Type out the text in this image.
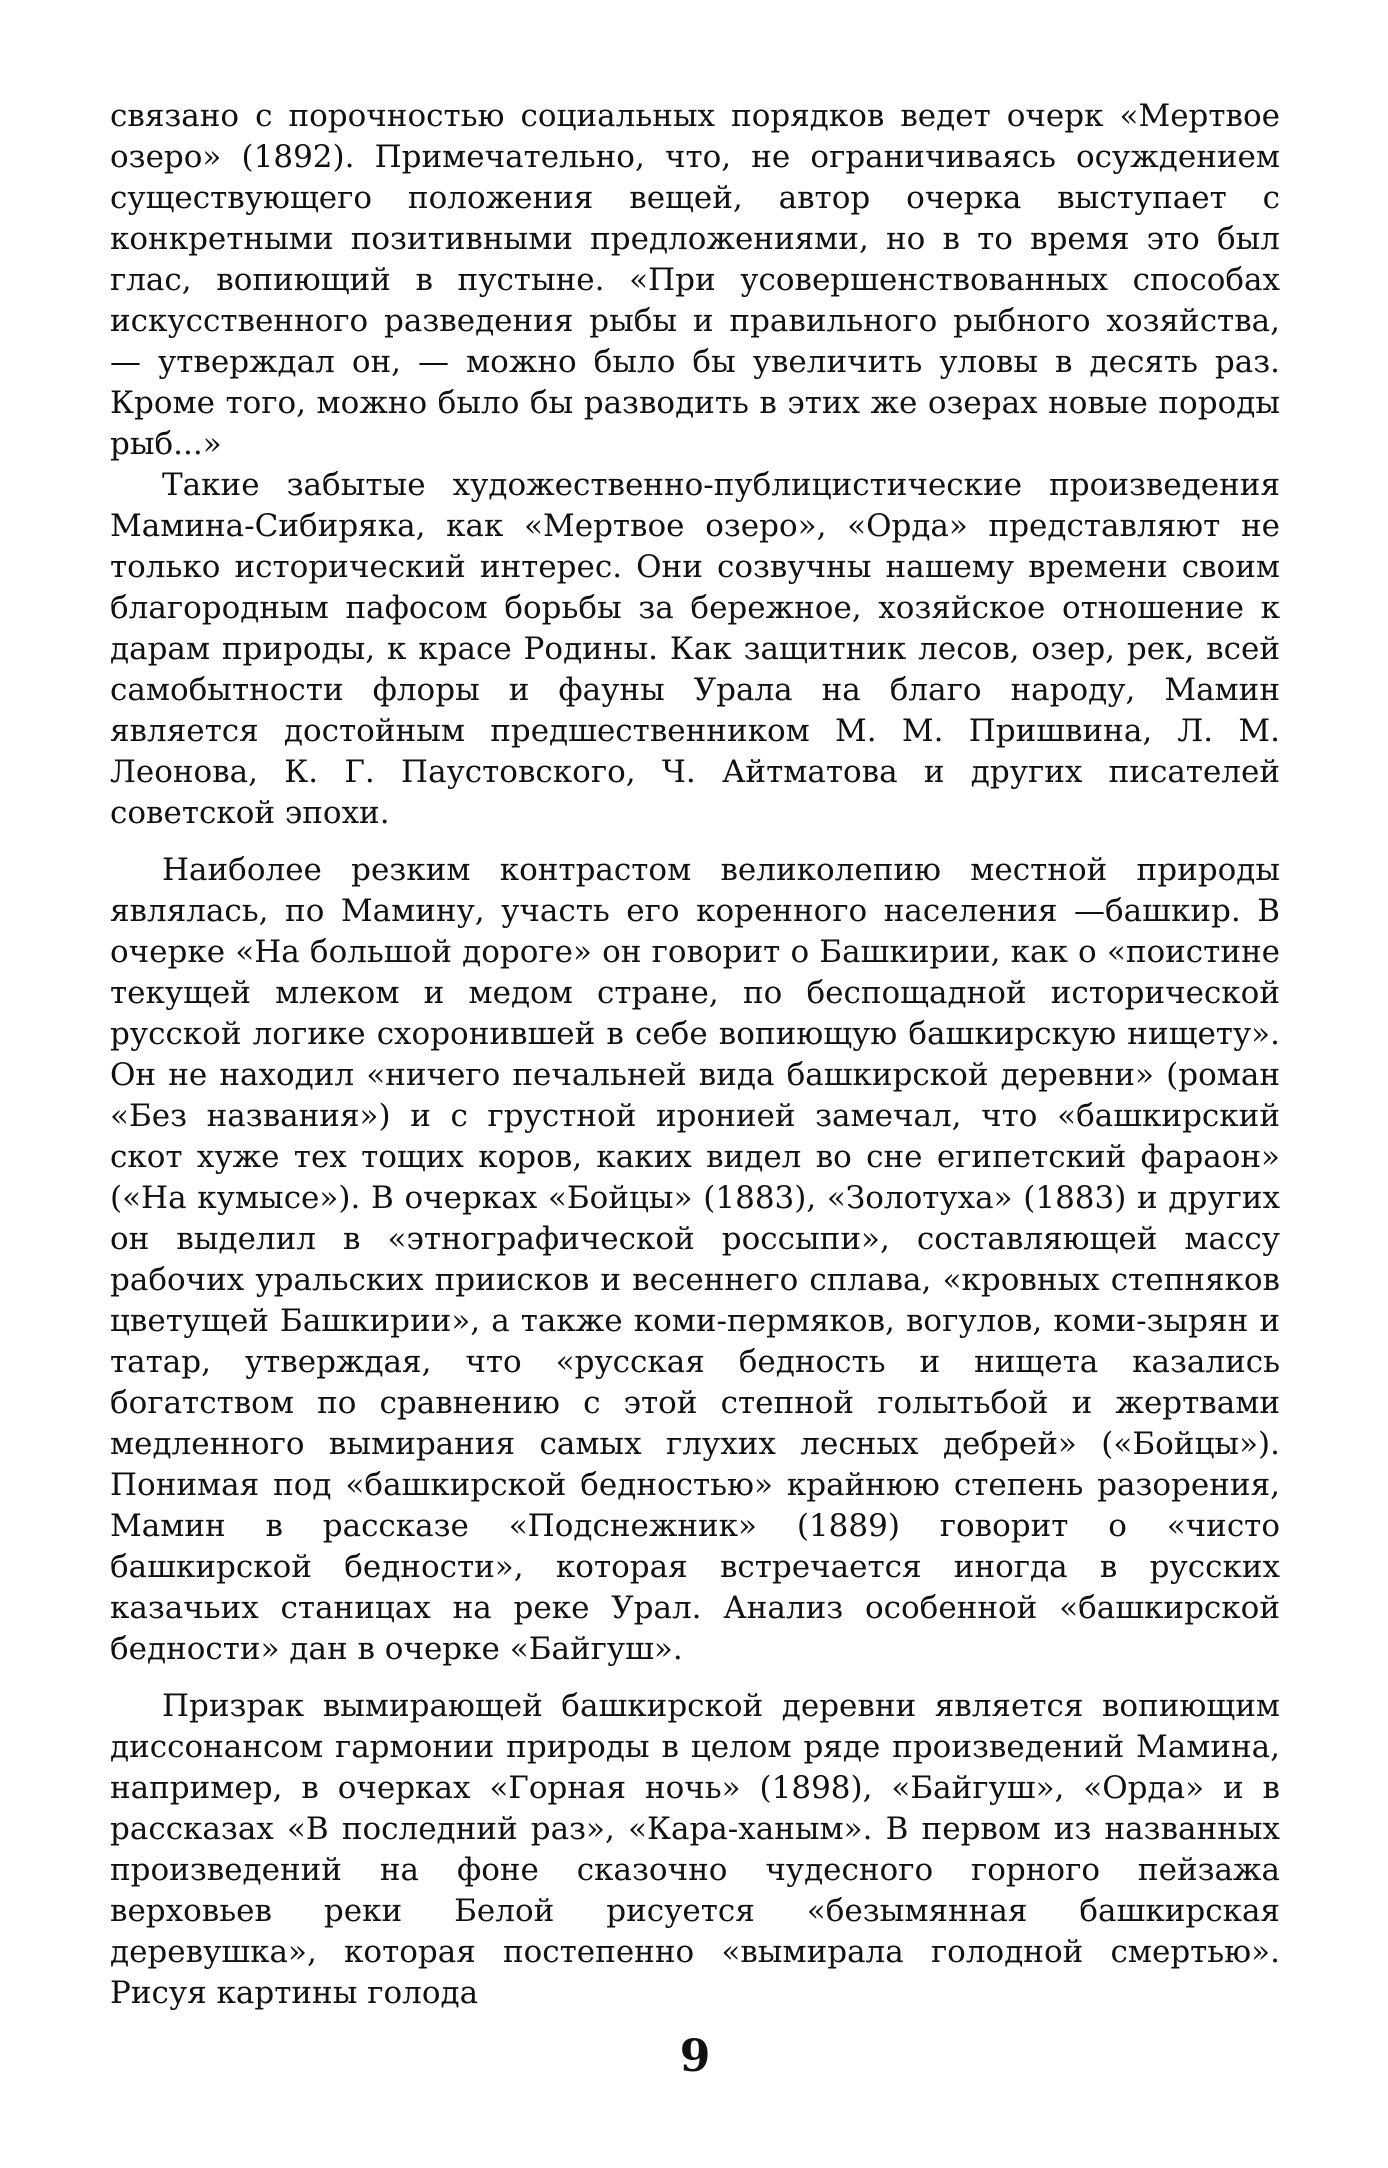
связано с порочностью социальных порядков ведет очерк «Мертвое озеро» (1892). Примечательно, что, не ограничиваясь осуждением существующего положения вещей, автор очерка выступает с конкретными позитивными предложениями, но в то время это был глас, вопиющий в пустыне. «При усовершенствованных способах искусственного разведения рыбы и правильного рыбного хозяйства, — утверждал он, — можно было бы увеличить уловы в десять раз. Кроме того, можно было бы разводить в этих же озерах новые породы рыб...»

Такие забытые художественно-публицистические произведения Мамина-Сибиряка, как «Мертвое озеро», «Орда» представляют не только исторический интерес. Они созвучны нашему времени своим благородным пафосом борьбы за бережное, хозяйское отношение к дарам природы, к красе Родины. Как защитник лесов, озер, рек, всей самобытности флоры и фауны Урала на благо народу, Мамин является достойным предшественником М. М. Пришвина, Л. М. Леонова, К. Г. Паустовского, Ч. Айтматова и других писателей советской эпохи.

Наиболее резким контрастом великолепию местной природы являлась, по Мамину, участь его коренного населения —башкир. В очерке «На большой дороге» он говорит о Башкирии, как о «поистине текущей млеком и медом стране, по беспощадной исторической русской логике схоронившей в себе вопиющую башкирскую нищету». Он не находил «ничего печальней вида башкирской деревни» (роман «Без названия») и с грустной иронией замечал, что «башкирский скот хуже тех тощих коров, каких видел во сне египетский фараон» («На кумысе»). В очерках «Бойцы» (1883), «Золотуха» (1883) и других он выделил в «этнографической россыпи», составляющей массу рабочих уральских приисков и весеннего сплава, «кровных степняков цветущей Башкирии», а также коми-пермяков, вогулов, коми-зырян и татар, утверждая, что «русская бедность и нищета казались богатством по сравнению с этой степной голытьбой и жертвами медленного вымирания самых глухих лесных дебрей» («Бойцы»). Понимая под «башкирской бедностью» крайнюю степень разорения, Мамин в рассказе «Подснежник» (1889) говорит о «чисто башкирской бедности», которая встречается иногда в русских казачьих станицах на реке Урал. Анализ особенной «башкирской бедности» дан в очерке «Байгуш».

Призрак вымирающей башкирской деревни является вопиющим диссонансом гармонии природы в целом ряде произведений Мамина, например, в очерках «Горная ночь» (1898), «Байгуш», «Орда» и в рассказах «В последний раз», «Кара-ханым». В первом из названных произведений на фоне сказочно чудесного горного пейзажа верховьев реки Белой рисуется «безымянная башкирская деревушка», которая постепенно «вымирала голодной смертью». Рисуя картины голода

9
